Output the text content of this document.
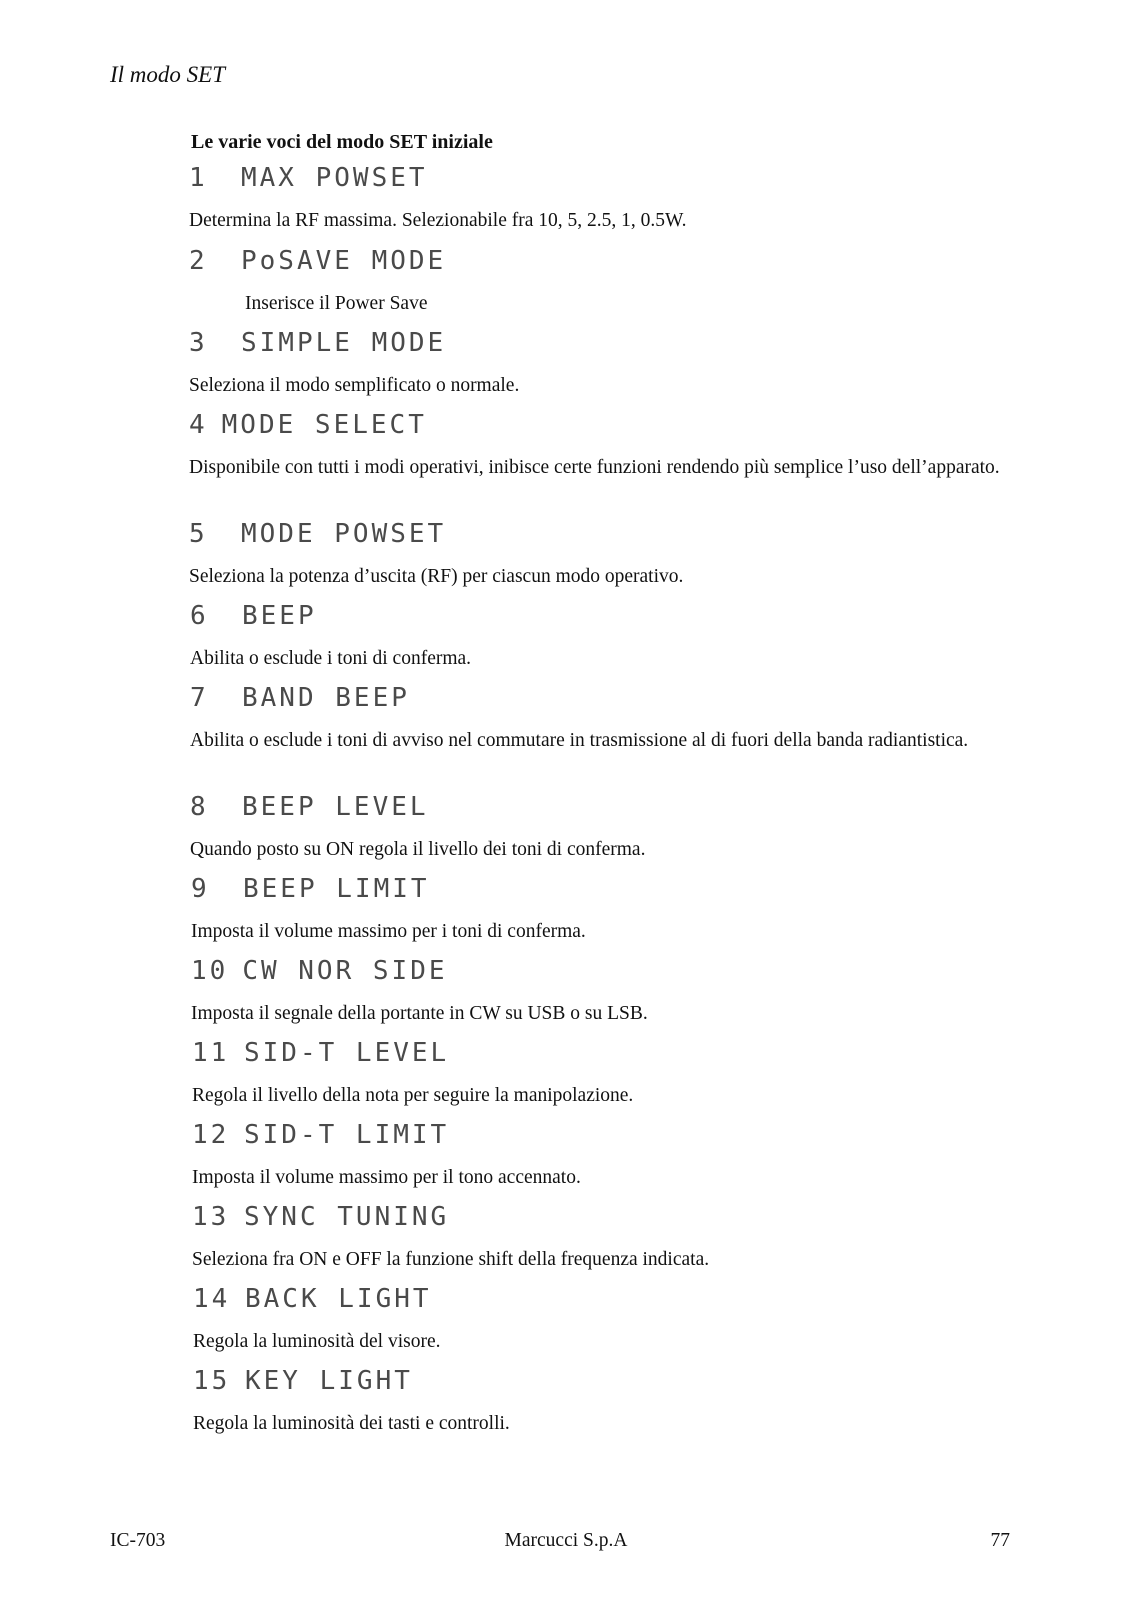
Il modo SET
Le varie voci del modo SET iniziale
1 MAX POWSET
Determina la RF massima. Selezionabile fra 10, 5, 2.5, 1, 0.5W.
2 PoSAVE MODE
Inserisce il Power Save
3 SIMPLE MODE
Seleziona il modo semplificato o normale.
4 MODE SELECT
Disponibile con tutti i modi operativi, inibisce certe funzioni rendendo più semplice l’uso dell’apparato.
5 MODE POWSET
Seleziona la potenza d’uscita (RF) per ciascun modo operativo.
6 BEEP
Abilita o esclude i toni di conferma.
7 BAND BEEP
Abilita o esclude i toni di avviso nel commutare in trasmissione al di fuori della banda radiantistica.
8 BEEP LEVEL
Quando posto su ON regola il livello dei toni di conferma.
9 BEEP LIMIT
Imposta il volume massimo per i toni di conferma.
10 CW NOR SIDE
Imposta il segnale della portante in CW su USB o su LSB.
11 SID-T LEVEL
Regola il livello della nota per seguire la manipolazione.
12 SID-T LIMIT
Imposta il volume massimo per il tono accennato.
13 SYNC TUNING
Seleziona fra ON e OFF la funzione shift della frequenza indicata.
14 BACK LIGHT
Regola la luminosità del visore.
15 KEY LIGHT
Regola la luminosità dei tasti e controlli.
IC-703	Marcucci S.p.A	77
